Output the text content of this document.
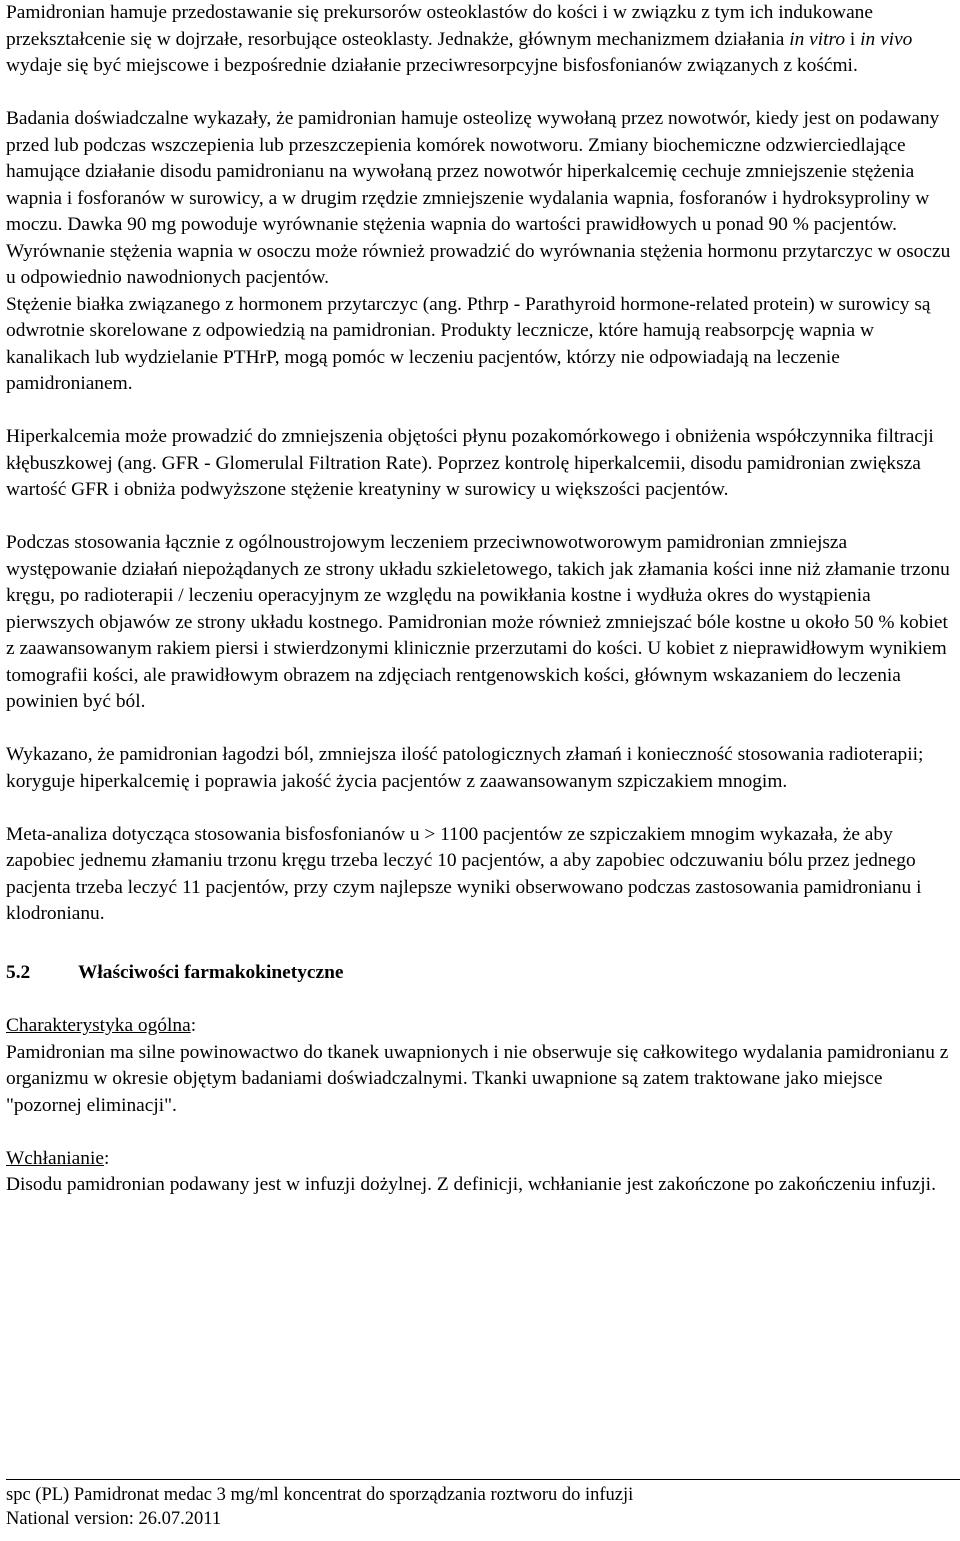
Pamidronian hamuje przedostawanie się prekursorów osteoklastów do kości i w związku z tym ich indukowane przekształcenie się w dojrzałe, resorbujące osteoklasty. Jednakże, głównym mechanizmem działania in vitro i in vivo wydaje się być miejscowe i bezpośrednie działanie przeciwresorpcyjne bisfosfonianów związanych z kośćmi.

Badania doświadczalne wykazały, że pamidronian hamuje osteolizę wywołaną przez nowotwór, kiedy jest on podawany przed lub podczas wszczepienia lub przeszczepienia komórek nowotworu. Zmiany biochemiczne odzwierciedlające hamujące działanie disodu pamidronianu na wywołaną przez nowotwór hiperkalcemię cechuje zmniejszenie stężenia wapnia i fosforanów w surowicy, a w drugim rzędzie zmniejszenie wydalania wapnia, fosforanów i hydroksyproliny w moczu. Dawka 90 mg powoduje wyrównanie stężenia wapnia do wartości prawidłowych u ponad 90 % pacjentów. Wyrównanie stężenia wapnia w osoczu może również prowadzić do wyrównania stężenia hormonu przytarczyc w osoczu u odpowiednio nawodnionych pacjentów.

Stężenie białka związanego z hormonem przytarczyc (ang. Pthrp - Parathyroid hormone-related protein) w surowicy są odwrotnie skorelowane z odpowiedzią na pamidronian. Produkty lecznicze, które hamują reabsorpcję wapnia w kanalikach lub wydzielanie PTHrP, mogą pomóc w leczeniu pacjentów, którzy nie odpowiadają na leczenie pamidronianem.

Hiperkalcemia może prowadzić do zmniejszenia objętości płynu pozakomórkowego i obniżenia współczynnika filtracji kłębuszkowej (ang. GFR - Glomerulal Filtration Rate). Poprzez kontrolę hiperkalcemii, disodu pamidronian zwiększa wartość GFR i obniża podwyższone stężenie kreatyniny w surowicy u większości pacjentów.

Podczas stosowania łącznie z ogólnoustrojowym leczeniem przeciwnowotworowym pamidronian zmniejsza występowanie działań niepożądanych ze strony układu szkieletowego, takich jak złamania kości inne niż złamanie trzonu kręgu, po radioterapii / leczeniu operacyjnym ze względu na powikłania kostne i wydłuża okres do wystąpienia pierwszych objawów ze strony układu kostnego. Pamidronian może również zmniejszać bóle kostne u około 50 % kobiet z zaawansowanym rakiem piersi i stwierdzonymi klinicznie przerzutami do kości. U kobiet z nieprawidłowym wynikiem tomografii kości, ale prawidłowym obrazem na zdjęciach rentgenowskich kości, głównym wskazaniem do leczenia powinien być ból.

Wykazano, że pamidronian łagodzi ból, zmniejsza ilość patologicznych złamań i konieczność stosowania radioterapii; koryguje hiperkalcemię i poprawia jakość życia pacjentów z zaawansowanym szpiczakiem mnogim.

Meta-analiza dotycząca stosowania bisfosfonianów u > 1100 pacjentów ze szpiczakiem mnogim wykazała, że aby zapobiec jednemu złamaniu trzonu kręgu trzeba leczyć 10 pacjentów, a aby zapobiec odczuwaniu bólu przez jednego pacjenta trzeba leczyć 11 pacjentów, przy czym najlepsze wyniki obserwowano podczas zastosowania pamidronianu i klodronianu.

5.2 Właściwości farmakokinetyczne

Charakterystyka ogólna:

Pamidronian ma silne powinowactwo do tkanek uwapnionych i nie obserwuje się całkowitego wydalania pamidronianu z organizmu w okresie objętym badaniami doświadczalnymi. Tkanki uwapnione są zatem traktowane jako miejsce "pozornej eliminacji".

Wchłanianie:

Disodu pamidronian podawany jest w infuzji dożylnej. Z definicji, wchłanianie jest zakończone po zakończeniu infuzji.

spc (PL) Pamidronat medac 3 mg/ml koncentrat do sporządzania roztworu do infuzji

National version: 26.07.2011
